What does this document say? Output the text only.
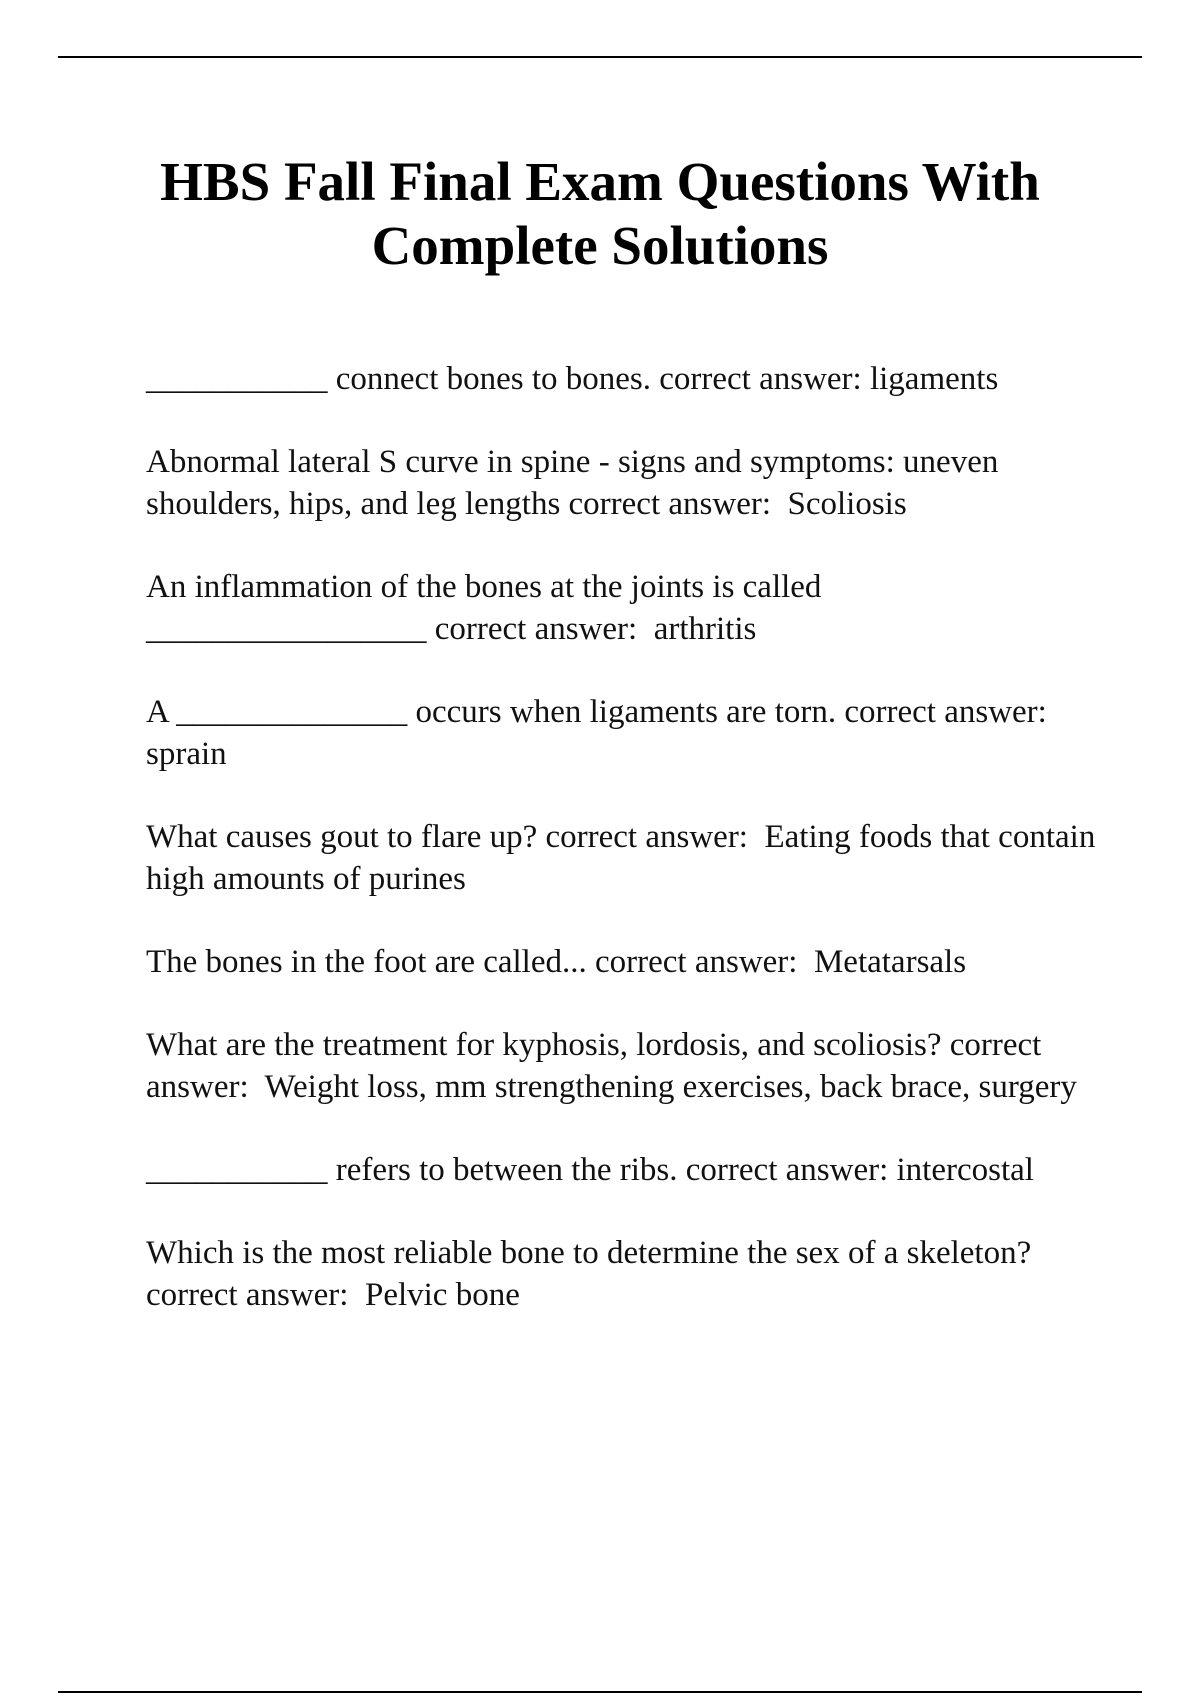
HBS Fall Final Exam Questions With Complete Solutions

___________ connect bones to bones. correct answer: ligaments

Abnormal lateral S curve in spine - signs and symptoms: uneven shoulders, hips, and leg lengths correct answer:  Scoliosis

An inflammation of the bones at the joints is called _________________ correct answer:  arthritis

A ______________ occurs when ligaments are torn. correct answer:  sprain

What causes gout to flare up? correct answer:  Eating foods that contain high amounts of purines

The bones in the foot are called... correct answer:  Metatarsals

What are the treatment for kyphosis, lordosis, and scoliosis? correct answer:  Weight loss, mm strengthening exercises, back brace, surgery

___________ refers to between the ribs. correct answer: intercostal

Which is the most reliable bone to determine the sex of a skeleton? correct answer:  Pelvic bone
